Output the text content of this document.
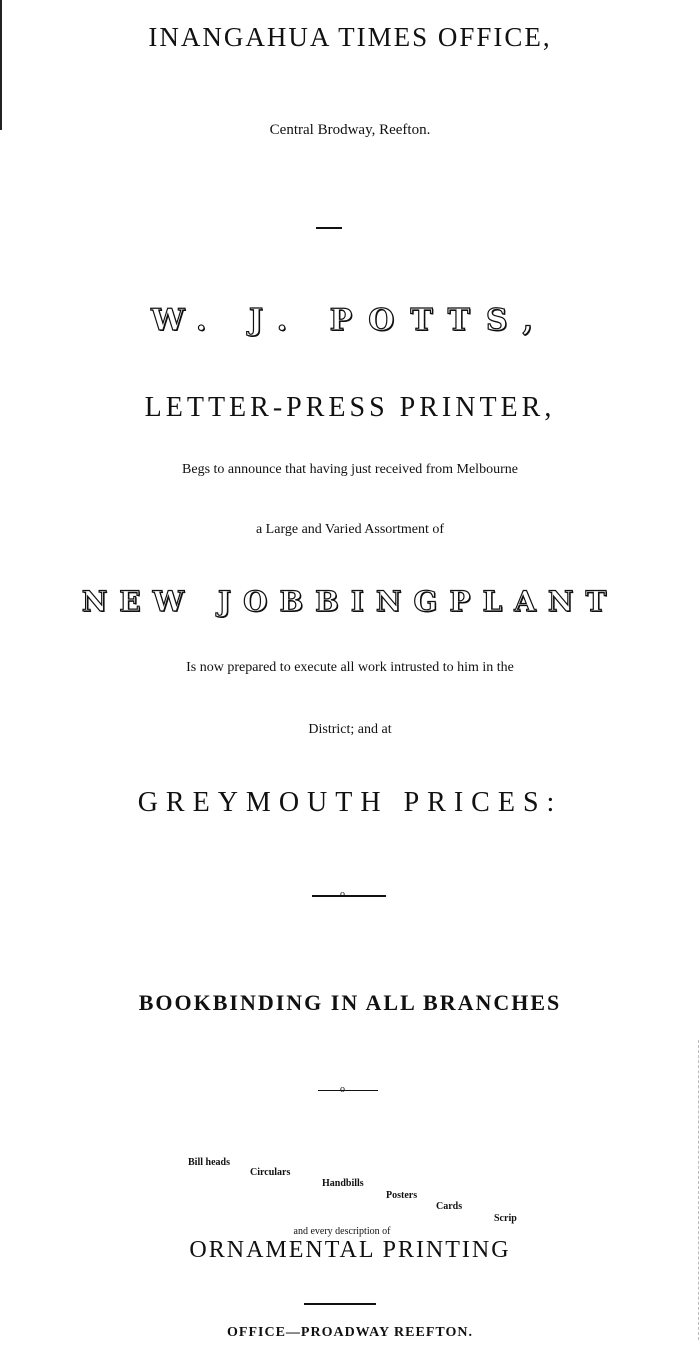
INANGAHUA TIMES OFFICE,
Central Brodway, Reefton.
W. J. POTTS,
LETTER-PRESS PRINTER,
Begs to announce that having just received from Melbourne
a Large and Varied Assortment of
NEW JOBBINGPLANT
Is now prepared to execute all work intrusted to him in the
District; and at
GREYMOUTH PRICES:
o
BOOKBINDING IN ALL BRANCHES
o
Bill heads
Circulars
Handbills
Posters
Cards
Scrip
and every description of
ORNAMENTAL PRINTING
OFFICE—PROADWAY REEFTON.
